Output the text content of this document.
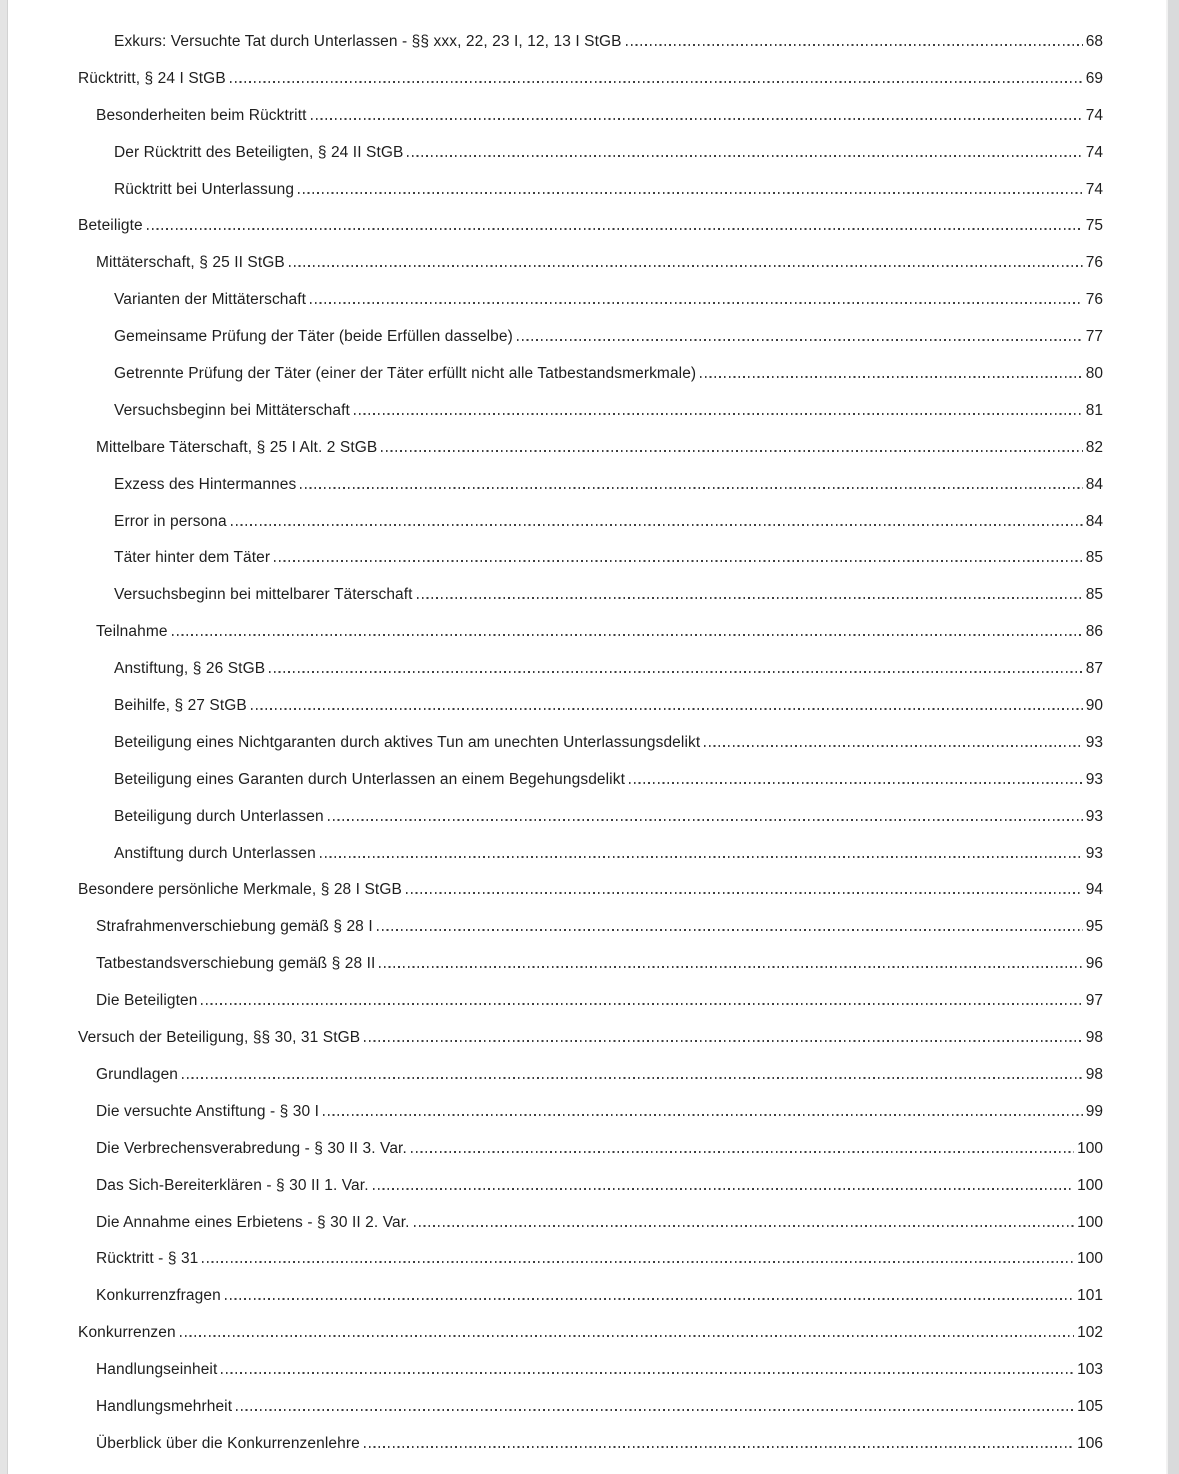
Exkurs: Versuchte Tat durch Unterlassen - §§ xxx, 22, 23 I, 12, 13 I StGB	68
Rücktritt, § 24 I StGB	69
Besonderheiten beim Rücktritt	74
Der Rücktritt des Beteiligten, § 24 II StGB	74
Rücktritt bei Unterlassung	74
Beteiligte	75
Mittäterschaft, § 25 II StGB	76
Varianten der Mittäterschaft	76
Gemeinsame Prüfung der Täter (beide Erfüllen dasselbe)	77
Getrennte Prüfung der Täter (einer der Täter erfüllt nicht alle Tatbestandsmerkmale)	80
Versuchsbeginn bei Mittäterschaft	81
Mittelbare Täterschaft, § 25 I Alt. 2 StGB	82
Exzess des Hintermannes	84
Error in persona	84
Täter hinter dem Täter	85
Versuchsbeginn bei mittelbarer Täterschaft	85
Teilnahme	86
Anstiftung, § 26 StGB	87
Beihilfe, § 27 StGB	90
Beteiligung eines Nichtgaranten durch aktives Tun am unechten Unterlassungsdelikt	93
Beteiligung eines Garanten durch Unterlassen an einem Begehungsdelikt	93
Beteiligung durch Unterlassen	93
Anstiftung durch Unterlassen	93
Besondere persönliche Merkmale, § 28 I StGB	94
Strafrahmenverschiebung gemäß § 28 I	95
Tatbestandsverschiebung gemäß § 28 II	96
Die Beteiligten	97
Versuch der Beteiligung, §§ 30, 31 StGB	98
Grundlagen	98
Die versuchte Anstiftung - § 30 I	99
Die Verbrechensverabredung - § 30 II 3. Var.	100
Das Sich-Bereiterklären - § 30 II 1. Var.	100
Die Annahme eines Erbietens - § 30 II 2. Var.	100
Rücktritt - § 31	100
Konkurrenzfragen	101
Konkurrenzen	102
Handlungseinheit	103
Handlungsmehrheit	105
Überblick über die Konkurrenzenlehre	106
